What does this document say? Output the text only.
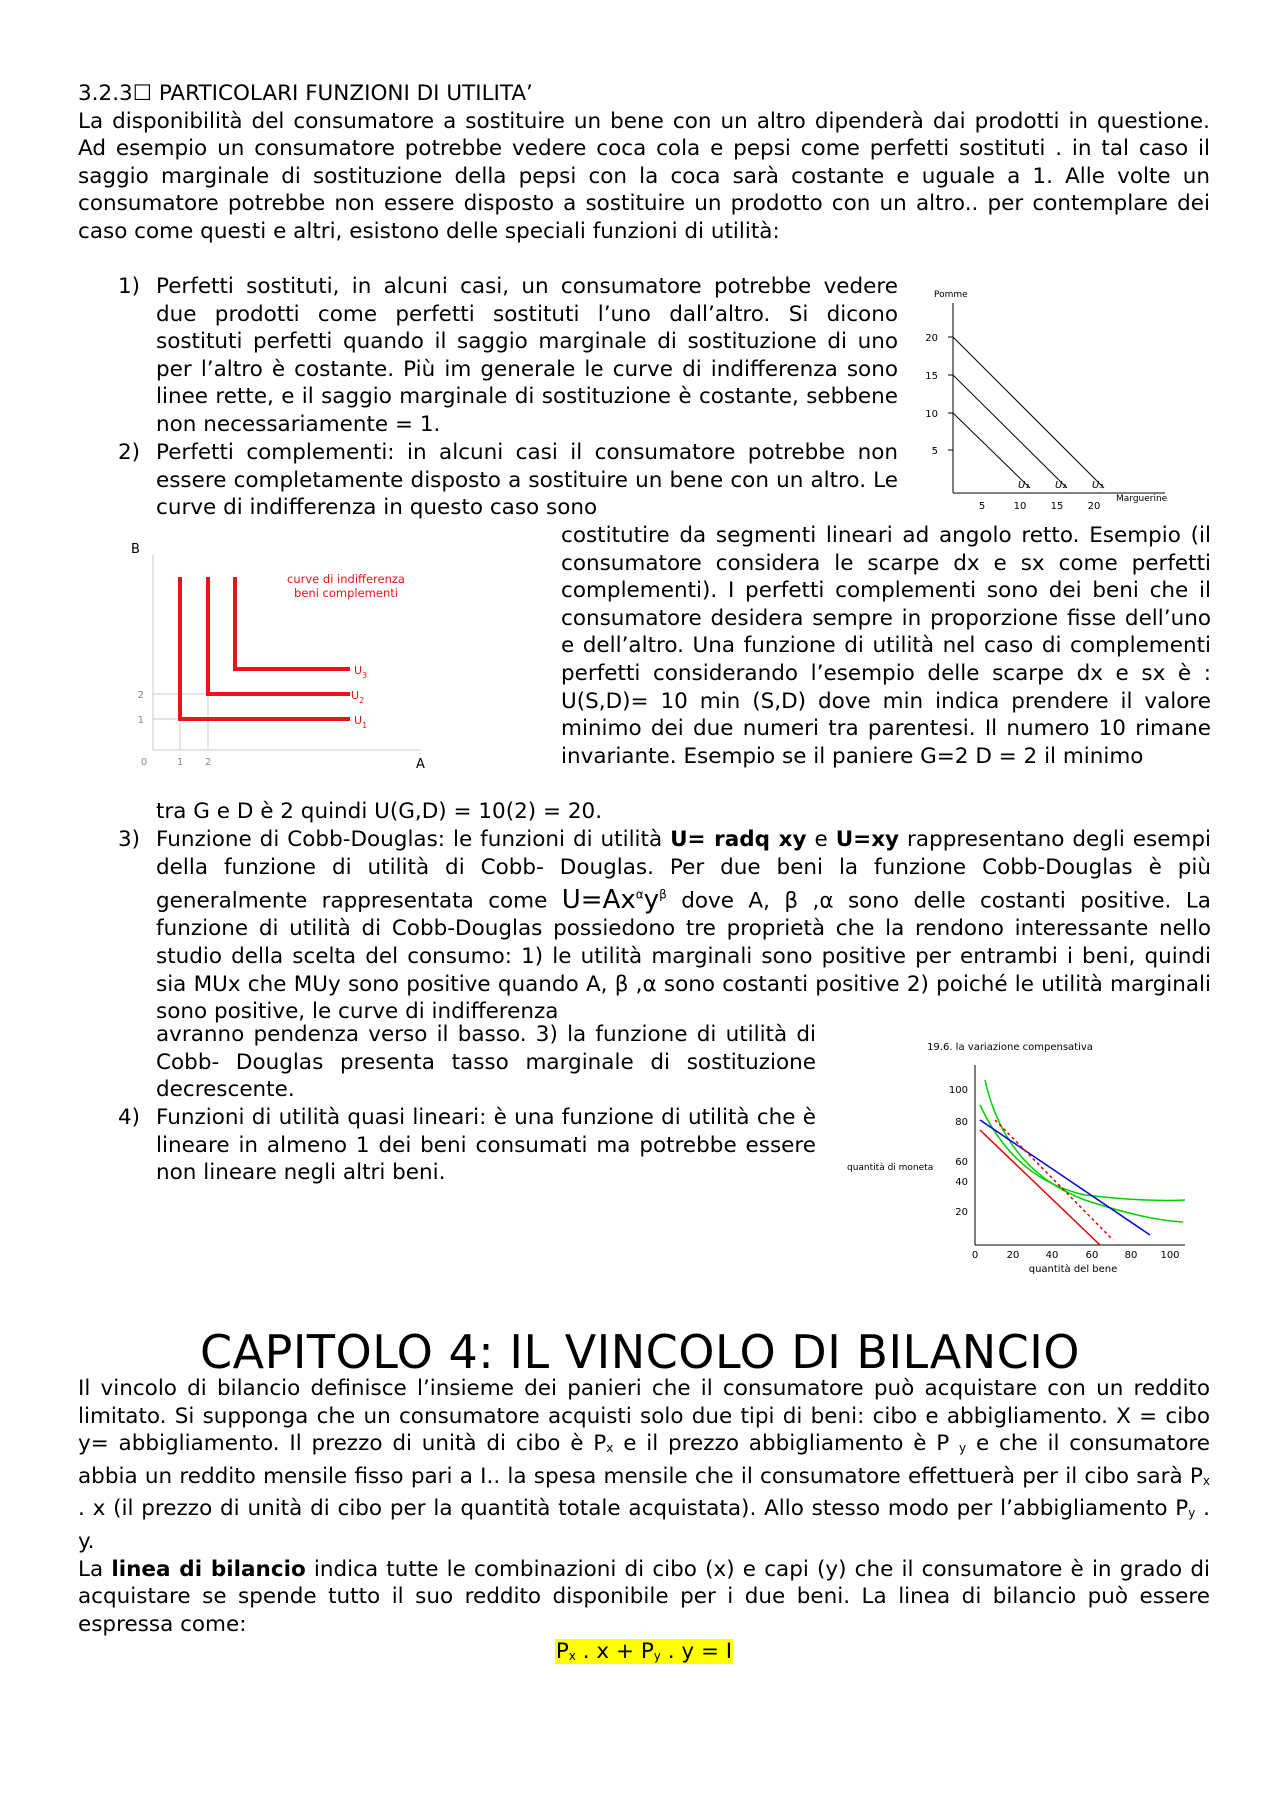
3.2.3☐ PARTICOLARI FUNZIONI DI UTILITA’

La disponibilità del consumatore a sostituire un bene con un altro dipenderà dai prodotti in questione. Ad esempio un consumatore potrebbe vedere coca cola e pepsi come perfetti sostituti . in tal caso il saggio marginale di sostituzione della pepsi con la coca sarà costante e uguale a 1. Alle volte un consumatore potrebbe non essere disposto a sostituire un prodotto con un altro.. per contemplare dei caso come questi e altri, esistono delle speciali funzioni di utilità:

1) Perfetti sostituti, in alcuni casi, un consumatore potrebbe vedere due prodotti come perfetti sostituti l’uno dall’altro. Si dicono sostituti perfetti quando il saggio marginale di sostituzione di uno per l’altro è costante. Più im generale le curve di indifferenza sono linee rette, e il saggio marginale di sostituzione è costante, sebbene non necessariamente = 1.

2) Perfetti complementi: in alcuni casi il consumatore potrebbe non essere completamente disposto a sostituire un bene con un altro. Le curve di indifferenza in questo caso sono

costitutire da segmenti lineari ad angolo retto. Esempio (il consumatore considera le scarpe dx e sx come perfetti complementi). I perfetti complementi sono dei beni che il consumatore desidera sempre in proporzione fisse dell’uno e dell’altro. Una funzione di utilità nel caso di complementi perfetti considerando l’esempio delle scarpe dx e sx è : U(S,D)= 10 min (S,D) dove min indica prendere il valore minimo dei due numeri tra parentesi. Il numero 10 rimane invariante. Esempio se il paniere G=2 D = 2 il minimo

tra G e D è 2 quindi U(G,D) = 10(2) = 20.

3) Funzione di Cobb-Douglas: le funzioni di utilità U= radq xy e U=xy rappresentano degli esempi della funzione di utilità di Cobb- Douglas. Per due beni la funzione Cobb-Douglas è più generalmente rappresentata come $U=Ax^\alpha y^\beta$ dove A, β ,α sono delle costanti positive. La funzione di utilità di Cobb-Douglas possiedono tre proprietà che la rendono interessante nello studio della scelta del consumo: 1) le utilità marginali sono positive per entrambi i beni, quindi sia MUx che MUy sono positive quando A, β ,α sono costanti positive 2) poiché le utilità marginali sono positive, le curve di indifferenza

avranno pendenza verso il basso. 3) la funzione di utilità di Cobb- Douglas presenta tasso marginale di sostituzione decrescente.

4) Funzioni di utilità quasi lineari: è una funzione di utilità che è lineare in almeno 1 dei beni consumati ma potrebbe essere non lineare negli altri beni.

Pomme
20
15
10
5
5	10 15 20
Marguerine
U₁	U₂	U₃
B
2
1
0	1 2	A
curve di indifferenza
beni complementi
$U_3$
$U_2$
$U_1$
19.6. la variazione compensativa
100
80
60
40
20
quantità di moneta
0	20	40	60	80 100
quantità del bene
CAPITOLO 4: IL VINCOLO DI BILANCIO

Il vincolo di bilancio definisce l’insieme dei panieri che il consumatore può acquistare con un reddito limitato. Si supponga che un consumatore acquisti solo due tipi di beni: cibo e abbigliamento. X = cibo y= abbigliamento. Il prezzo di unità di cibo è $P_x$ e il prezzo abbigliamento è P $_y$ e che il consumatore abbia un reddito mensile fisso pari a I.. la spesa mensile che il consumatore effettuerà per il cibo sarà $P_x$ . x (il prezzo di unità di cibo per la quantità totale acquistata). Allo stesso modo per l’abbigliamento $P_y$ . y.

La linea di bilancio indica tutte le combinazioni di cibo (x) e capi (y) che il consumatore è in grado di acquistare se spende tutto il suo reddito disponibile per i due beni. La linea di bilancio può essere espressa come:

$P_x$ . $x + P_y$ . y = I
